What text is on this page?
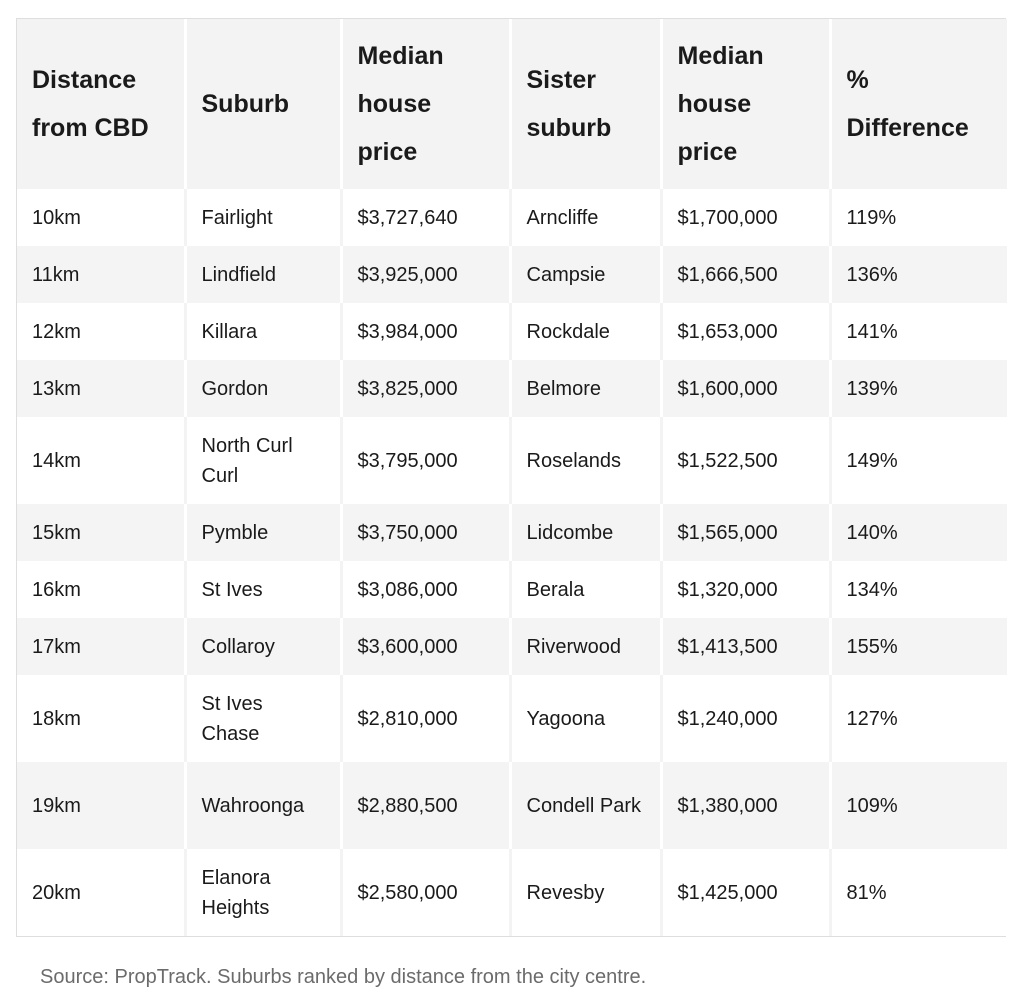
Distance from CBD	Suburb	Median house price	Sister suburb	Median house price	% Difference
10km	Fairlight	$3,727,640	Arncliffe	$1,700,000	119%
11km	Lindfield	$3,925,000	Campsie	$1,666,500	136%
12km	Killara	$3,984,000	Rockdale	$1,653,000	141%
13km	Gordon	$3,825,000	Belmore	$1,600,000	139%
14km	North Curl Curl	$3,795,000	Roselands	$1,522,500	149%
15km	Pymble	$3,750,000	Lidcombe	$1,565,000	140%
16km	St Ives	$3,086,000	Berala	$1,320,000	134%
17km	Collaroy	$3,600,000	Riverwood	$1,413,500	155%
18km	St Ives Chase	$2,810,000	Yagoona	$1,240,000	127%
19km	Wahroonga	$2,880,500	Condell Park	$1,380,000	109%
20km	Elanora Heights	$2,580,000	Revesby	$1,425,000	81%
Source: PropTrack. Suburbs ranked by distance from the city centre.
